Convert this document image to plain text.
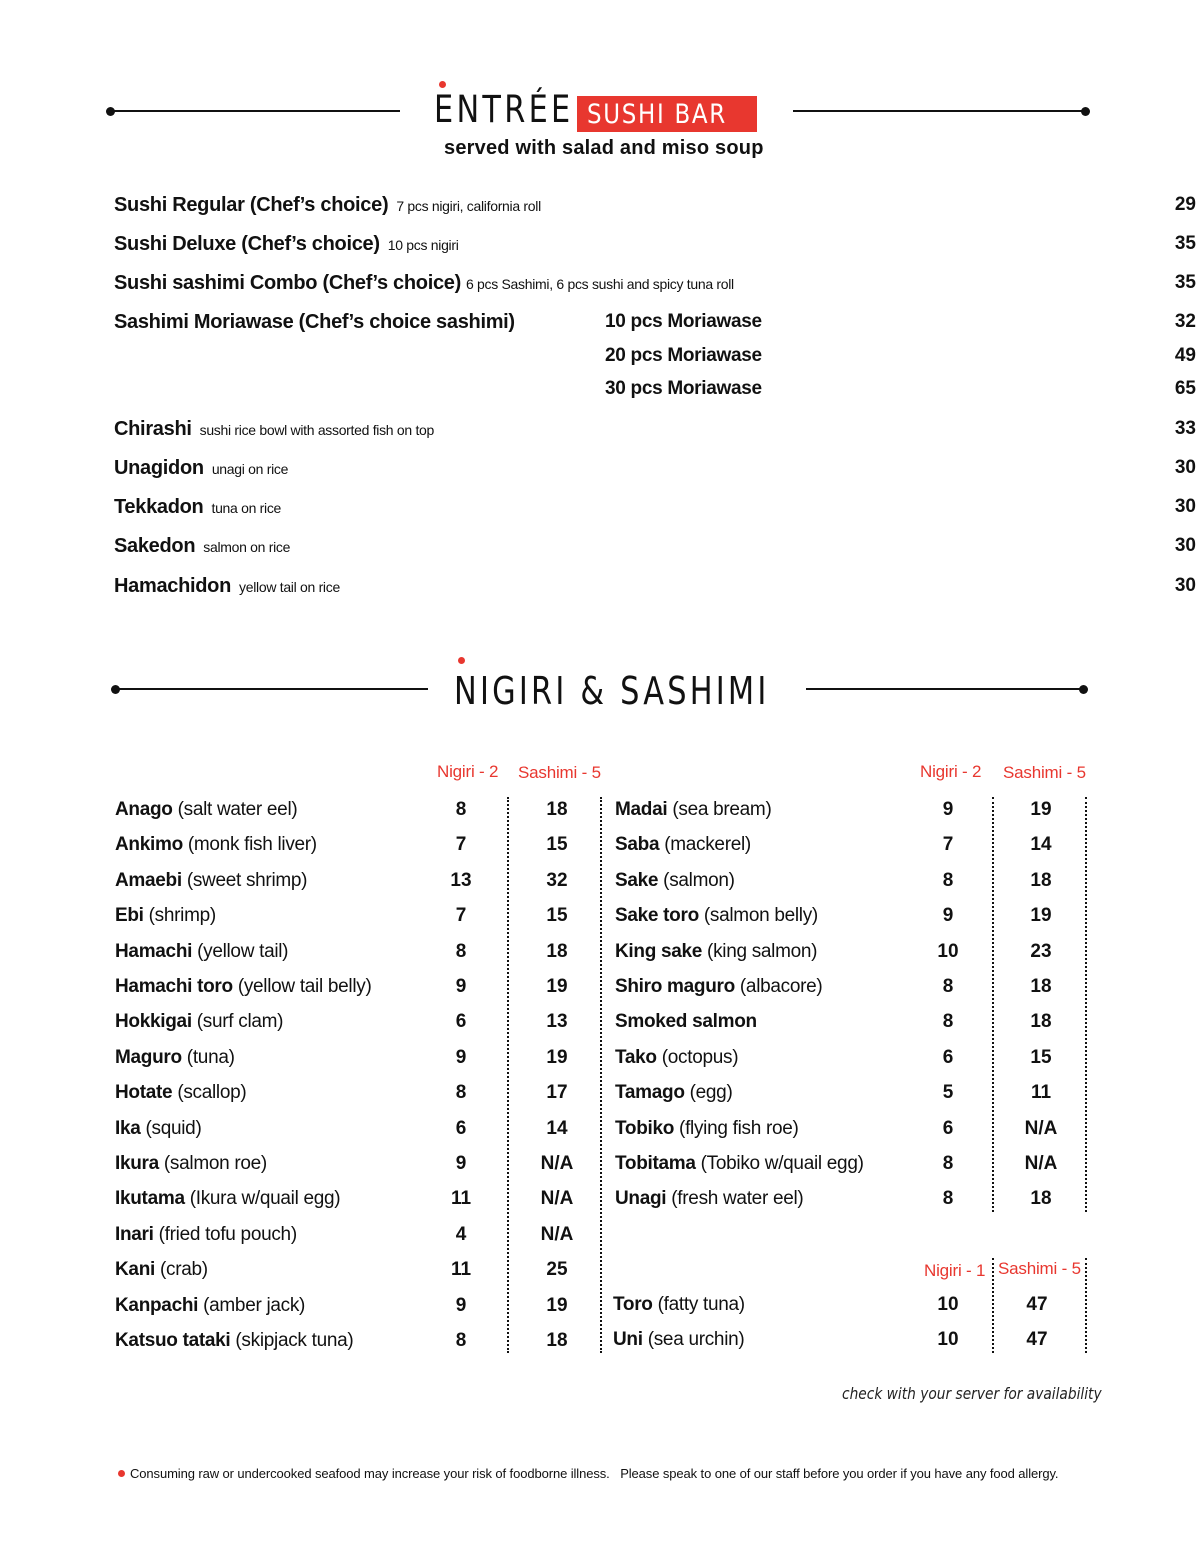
ENTRÉE SUSHI BAR
served with salad and miso soup
Sushi Regular (Chef’s choice) 7 pcs nigiri, california roll	29
Sushi Deluxe (Chef’s choice) 10 pcs nigiri	35
Sushi sashimi Combo (Chef’s choice) 6 pcs Sashimi, 6 pcs sushi and spicy tuna roll	35
Sashimi Moriawase (Chef’s choice sashimi)	10 pcs Moriawase	32
20 pcs Moriawase	49
30 pcs Moriawase	65
Chirashi sushi rice bowl with assorted fish on top	33
Unagidon unagi on rice	30
Tekkadon tuna on rice	30
Sakedon salmon on rice	30
Hamachidon yellow tail on rice	30
NIGIRI & SASHIMI
Nigiri - 2 Sashimi - 5	Nigiri - 2 Sashimi - 5
Anago (salt water eel)	8	18
Ankimo (monk fish liver)	7	15
Amaebi (sweet shrimp)	13	32
Ebi (shrimp)	7	15
Hamachi (yellow tail)	8	18
Hamachi toro (yellow tail belly)	9	19
Hokkigai (surf clam)	6	13
Maguro (tuna)	9	19
Hotate (scallop)	8	17
Ika (squid)	6	14
Ikura (salmon roe)	9	N/A
Ikutama (Ikura w/quail egg)	11	N/A
Inari (fried tofu pouch)	4	N/A
Kani (crab)	11	25
Kanpachi (amber jack)	9	19
Katsuo tataki (skipjack tuna)	8	18
Madai (sea bream)	9	19
Saba (mackerel)	7	14
Sake (salmon)	8	18
Sake toro (salmon belly)	9	19
King sake (king salmon)	10	23
Shiro maguro (albacore)	8	18
Smoked salmon	8	18
Tako (octopus)	6	15
Tamago (egg)	5	11
Tobiko (flying fish roe)	6	N/A
Tobitama (Tobiko w/quail egg)	8	N/A
Unagi (fresh water eel)	8	18
Nigiri - 1 Sashimi - 5
Toro (fatty tuna)	10	47
Uni (sea urchin)	10	47
check with your server for availability
Consuming raw or undercooked seafood may increase your risk of foodborne illness.   Please speak to one of our staff before you order if you have any food allergy.
